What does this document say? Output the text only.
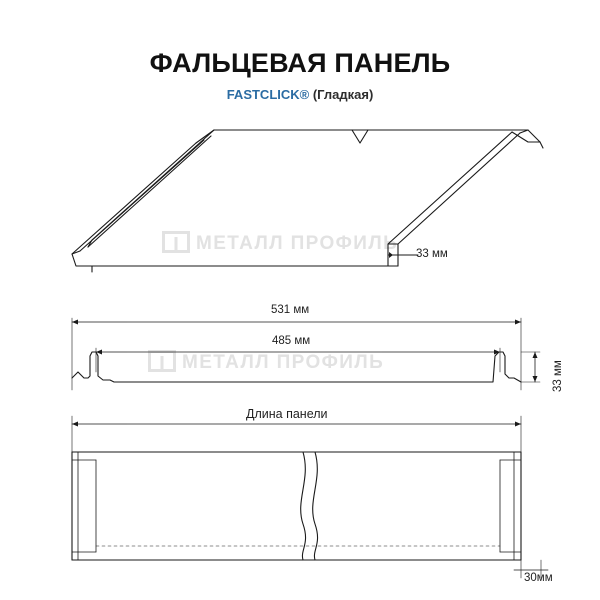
ФАЛЬЦЕВАЯ ПАНЕЛЬ
FASTCLICK® (Гладкая)
МЕТАЛЛ ПРОФИЛЬ
МЕТАЛЛ ПРОФИЛЬ
33 мм
531 мм
485 мм
33 мм
Длина панели
30мм
